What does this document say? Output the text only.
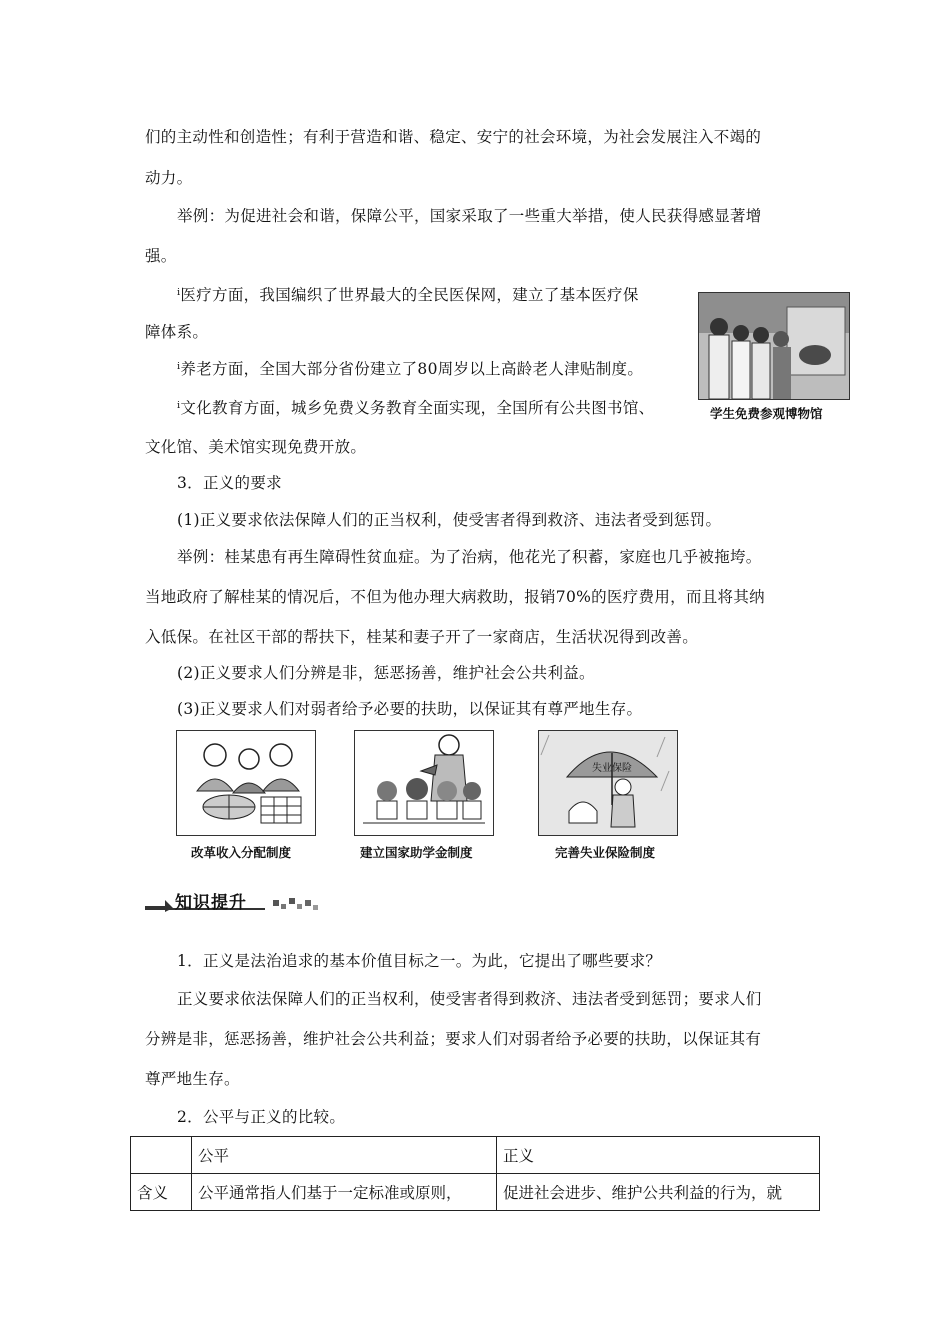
们的主动性和创造性；有利于营造和谐、稳定、安宁的社会环境，为社会发展注入不竭的
动力。
举例：为促进社会和谐，保障公平，国家采取了一些重大举措，使人民获得感显著增
强。
ⁱ医疗方面，我国编织了世界最大的全民医保网，建立了基本医疗保
障体系。
ⁱ养老方面，全国大部分省份建立了80周岁以上高龄老人津贴制度。
ⁱ文化教育方面，城乡免费义务教育全面实现，全国所有公共图书馆、
文化馆、美术馆实现免费开放。
学生免费参观博物馆
3．正义的要求
(1)正义要求依法保障人们的正当权利，使受害者得到救济、违法者受到惩罚。
举例：桂某患有再生障碍性贫血症。为了治病，他花光了积蓄，家庭也几乎被拖垮。
当地政府了解桂某的情况后，不但为他办理大病救助，报销70%的医疗费用，而且将其纳
入低保。在社区干部的帮扶下，桂某和妻子开了一家商店，生活状况得到改善。
(2)正义要求人们分辨是非，惩恶扬善，维护社会公共利益。
(3)正义要求人们对弱者给予必要的扶助，以保证其有尊严地生存。
失业保险
改革收入分配制度	建立国家助学金制度	完善失业保险制度
知识提升
1．正义是法治追求的基本价值目标之一。为此，它提出了哪些要求？
正义要求依法保障人们的正当权利，使受害者得到救济、违法者受到惩罚；要求人们
分辨是非，惩恶扬善，维护社会公共利益；要求人们对弱者给予必要的扶助，以保证其有
尊严地生存。
2．公平与正义的比较。
	公平	正义
含义	公平通常指人们基于一定标准或原则，	促进社会进步、维护公共利益的行为，就
